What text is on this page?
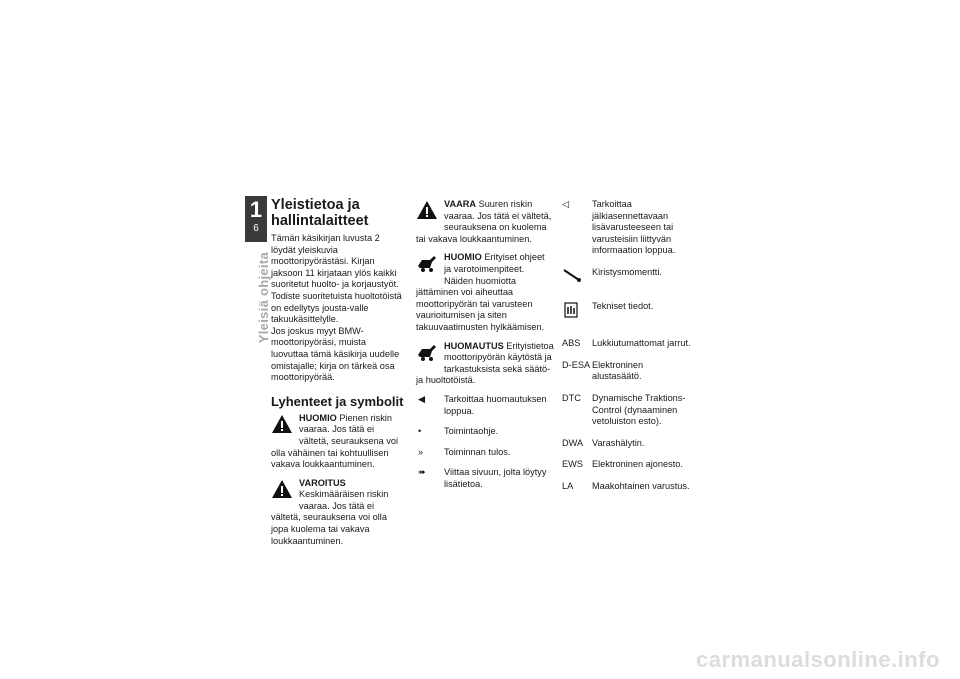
1
6
Yleisiä ohjeita
Yleistietoa ja hallintalaitteet

Tämän käsikirjan luvusta 2 löydät yleiskuvia moottoripyörästäsi. Kirjan jaksoon 11 kirjataan ylös kaikki suoritetut huolto- ja korjaustyöt. Todiste suoritetuista huoltotöistä on edellytys jousta-valle takuukäsittelylle.

Jos joskus myyt BMW-moottoripyöräsi, muista luovuttaa tämä käsikirja uudelle omistajalle; kirja on tärkeä osa moottoripyörää.

Lyhenteet ja symbolit
HUOMIO Pienen riskin vaaraa. Jos tätä ei vältetä, seurauksena voi olla vähäinen tai kohtuullisen vakava loukkaantuminen.
VAROITUS Keskimääräisen riskin vaaraa. Jos tätä ei vältetä, seurauksena voi olla jopa kuolema tai vakava loukkaantuminen.
VAARA Suuren riskin vaaraa. Jos tätä ei vältetä, seurauksena on kuolema tai vakava loukkaantuminen.
HUOMIO Erityiset ohjeet ja varotoimenpiteet. Näiden huomiotta jättäminen voi aiheuttaa moottoripyörän tai varusteen vaurioitumisen ja siten takuuvaatimusten hylkäämisen.
HUOMAUTUS Erityistietoa moottoripyörän käytöstä ja tarkastuksista sekä säätö- ja huoltotöistä.
◀	Tarkoittaa huomautuksen loppua.
•	Toimintaohje.
»	Toiminnan tulos.
➠	Viittaa sivuun, jolta löytyy lisätietoa.
◁	Tarkoittaa jälkiasennettavaan lisävarusteeseen tai varusteisiin liittyvän informaation loppua.
Kiristysmomentti.
Tekniset tiedot.
ABS	Lukkiutumattomat jarrut.
D-ESA Elektroninen alustasäätö.
DTC	Dynamische Traktions-Control (dynaaminen vetoluiston esto).
DWA Varashälytin.
EWS Elektroninen ajonesto.
LA	Maakohtainen varustus.
carmanualsonline.info
